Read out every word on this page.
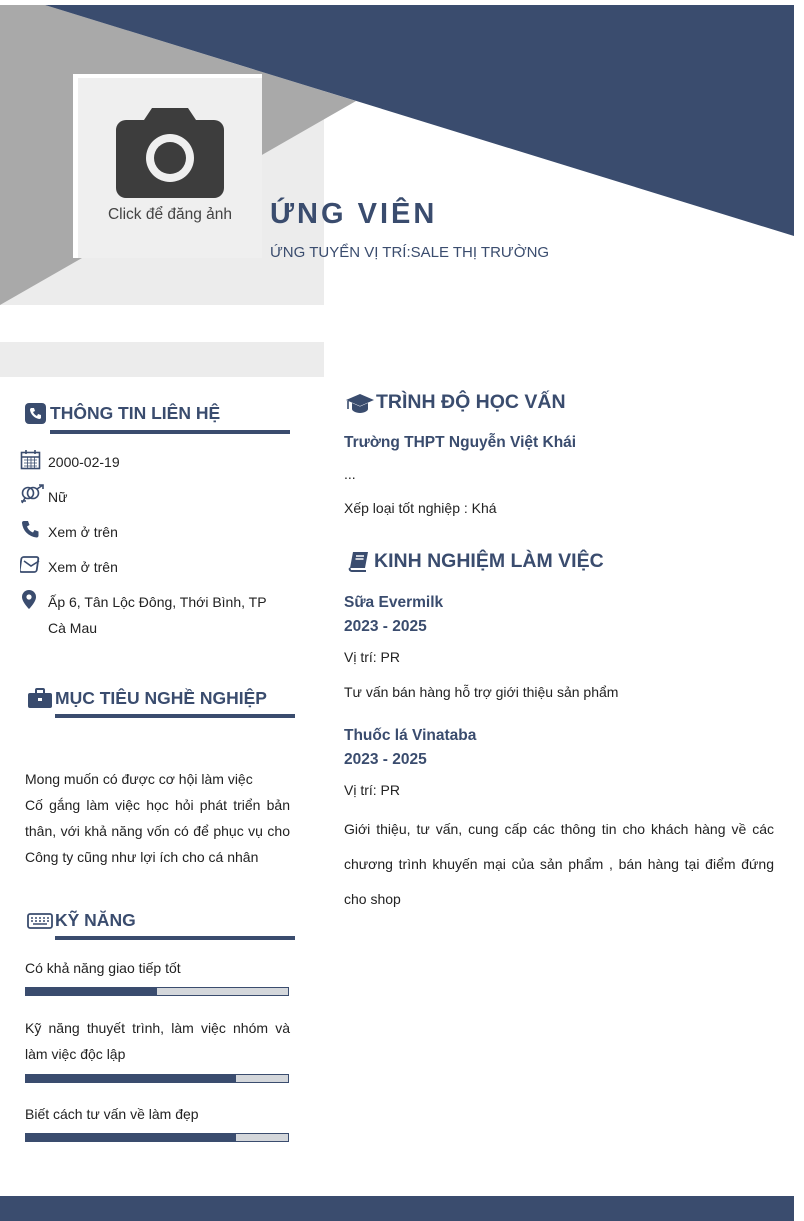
Click để đăng ảnh	ỨNG VIÊN
ỨNG TUYỂN VỊ TRÍ:SALE THỊ TRƯỜNG
THÔNG TIN LIÊN HỆ
2000-02-19
Nữ
Xem ở trên
Xem ở trên
Ấp 6, Tân Lộc Đông, Thới Bình, TP Cà Mau
MỤC TIÊU NGHỀ NGHIỆP
Mong muốn có được cơ hội làm việc
Cố gắng làm việc học hỏi phát triển bản thân, với khả năng vốn có để phục vụ cho Công ty cũng như lợi ích cho cá nhân
KỸ NĂNG
Có khả năng giao tiếp tốt
Kỹ năng thuyết trình, làm việc nhóm và làm việc độc lập
Biết cách tư vấn về làm đẹp
TRÌNH ĐỘ HỌC VẤN
Trường THPT Nguyễn Việt Khái
...
Xếp loại tốt nghiệp : Khá
KINH NGHIỆM LÀM VIỆC
Sữa Evermilk
2023 - 2025
Vị trí: PR
Tư vấn bán hàng hỗ trợ giới thiệu sản phẩm
Thuốc lá Vinataba
2023 - 2025
Vị trí: PR
Giới thiệu, tư vấn, cung cấp các thông tin cho khách hàng về các chương trình khuyến mại của sản phẩm , bán hàng tại điểm đứng cho shop
